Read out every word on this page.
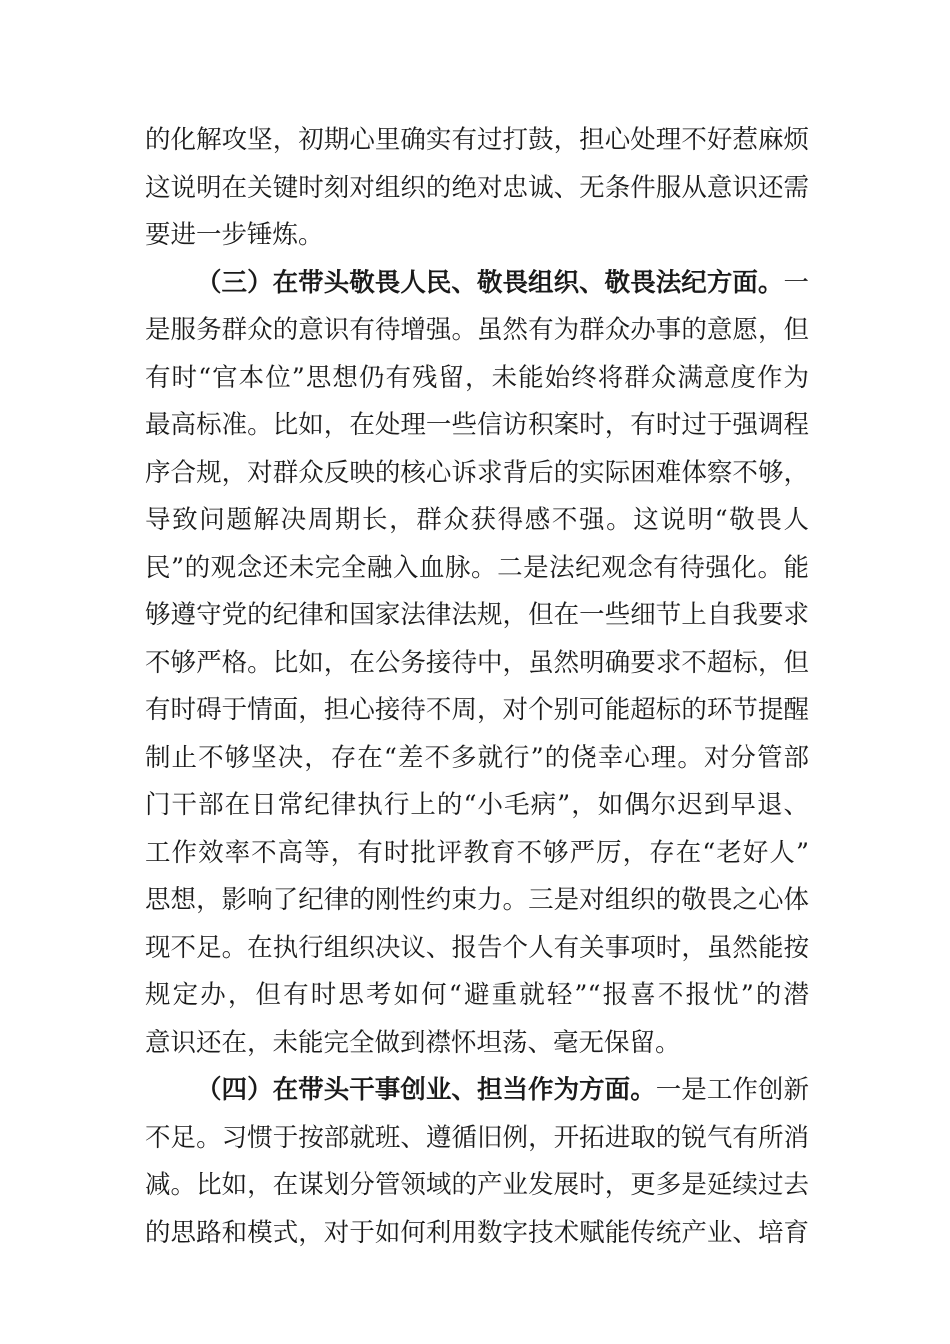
的化解攻坚，初期心里确实有过打鼓，担心处理不好惹麻烦
这说明在关键时刻对组织的绝对忠诚、无条件服从意识还需
要进一步锤炼。
（三）在带头敬畏人民、敬畏组织、敬畏法纪方面。一
是服务群众的意识有待增强。虽然有为群众办事的意愿，但
有时“官本位”思想仍有残留，未能始终将群众满意度作为
最高标准。比如，在处理一些信访积案时，有时过于强调程
序合规，对群众反映的核心诉求背后的实际困难体察不够，
导致问题解决周期长，群众获得感不强。这说明“敬畏人
民”的观念还未完全融入血脉。二是法纪观念有待强化。能
够遵守党的纪律和国家法律法规，但在一些细节上自我要求
不够严格。比如，在公务接待中，虽然明确要求不超标，但
有时碍于情面，担心接待不周，对个别可能超标的环节提醒
制止不够坚决，存在“差不多就行”的侥幸心理。对分管部
门干部在日常纪律执行上的“小毛病”，如偶尔迟到早退、
工作效率不高等，有时批评教育不够严厉，存在“老好人”
思想，影响了纪律的刚性约束力。三是对组织的敬畏之心体
现不足。在执行组织决议、报告个人有关事项时，虽然能按
规定办，但有时思考如何“避重就轻”“报喜不报忧”的潜
意识还在，未能完全做到襟怀坦荡、毫无保留。
（四）在带头干事创业、担当作为方面。一是工作创新
不足。习惯于按部就班、遵循旧例，开拓进取的锐气有所消
减。比如，在谋划分管领域的产业发展时，更多是延续过去
的思路和模式，对于如何利用数字技术赋能传统产业、培育
